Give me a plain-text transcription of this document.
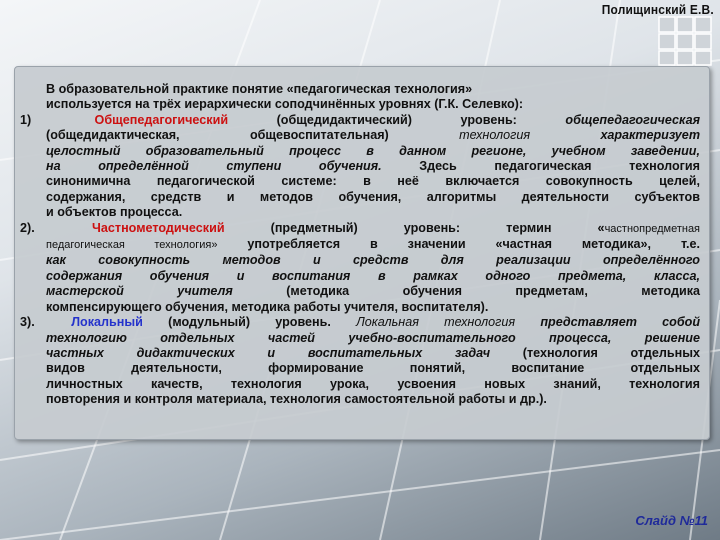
Полищинский Е.В.
В образовательной практике понятие «педагогическая технология»
используется на трёх иерархически соподчинённых уровнях (Г.К. Селевко):
1)	Общепедагогический	(общедидактический) уровень:	общепедагогическая
(общедидактическая, общевоспитательная)	технология	характеризует
целостный образовательный процесс в данном регионе, учебном заведении,
на определённой ступени обучения.	Здесь педагогическая технология
синонимична педагогической системе: в неё включается совокупность целей,
содержания, средств и методов обучения, алгоритмы деятельности субъектов
и объектов процесса.
2).	Частнометодический	(предметный) уровень: термин «частнопредметная
педагогическая технология» употребляется в значении «частная методика», т.е.
как совокупность методов и средств для реализации определённого
содержания обучения и воспитания в рамках одного предмета, класса,
мастерской учителя	(методика обучения предметам, методика
компенсирующего обучения, методика работы учителя, воспитателя).
3).	Локальный (модульный) уровень. Локальная технология представляет собой
технологию отдельных частей учебно-воспитательного процесса, решение
частных дидактических и воспитательных задач	(технология отдельных
видов деятельности, формирование понятий, воспитание отдельных
личностных качеств, технология урока, усвоения новых знаний, технология
повторения и контроля материала, технология самостоятельной работы и др.).
Слайд №11
